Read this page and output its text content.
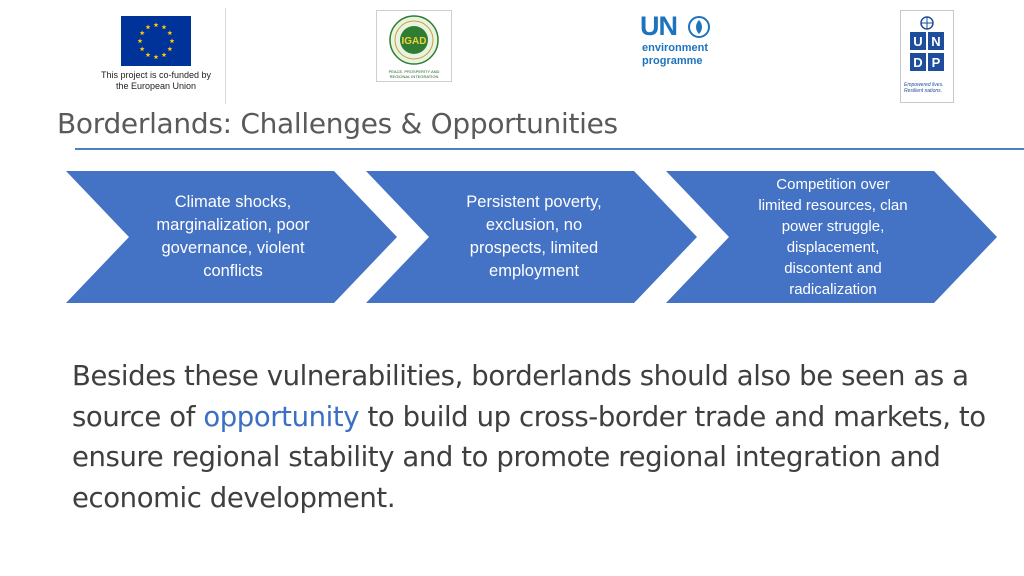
This project is co-funded by
the European Union
IGAD
PEACE, PROSPERITY AND
REGIONAL INTEGRATION
UN
environment
programme
U N
D P
Empowered lives.
Resilient nations.
Borderlands: Challenges & Opportunities
Climate shocks,
marginalization, poor
governance, violent
conflicts
Persistent poverty,
exclusion, no
prospects, limited
employment
Competition over
limited resources, clan
power struggle,
displacement,
discontent and
radicalization

Besides these vulnerabilities, borderlands should also be seen as a source of opportunity to build up cross-border trade and markets, to ensure regional stability and to promote regional integration and economic development.
